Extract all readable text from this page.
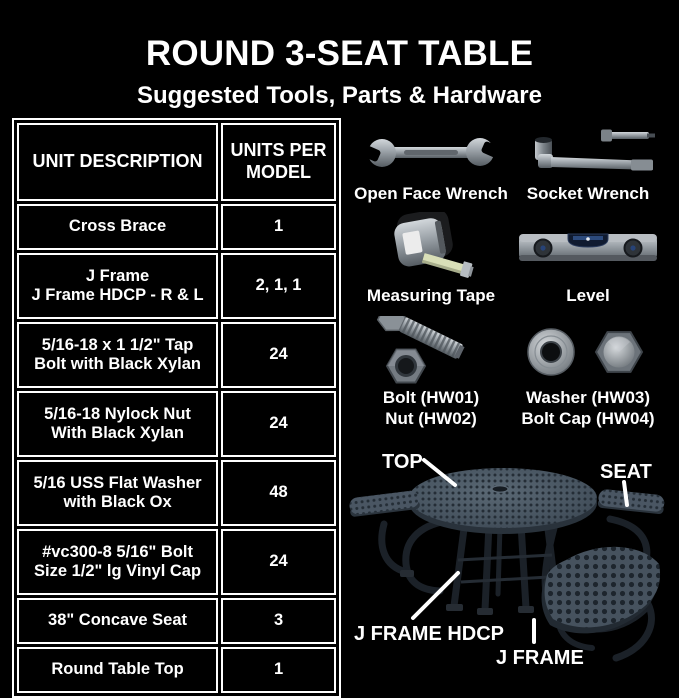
ROUND 3-SEAT TABLE
Suggested Tools, Parts & Hardware
UNIT DESCRIPTION	UNITS PER MODEL

Cross Brace	1

J Frame
J Frame HDCP - R & L	2, 1, 1

5/16-18 x 1 1/2" Tap
Bolt with Black Xylan	24

5/16-18 Nylock Nut
With Black Xylan	24

5/16 USS Flat Washer
with Black Ox	48

#vc300-8 5/16" Bolt
Size 1/2" lg Vinyl Cap	24

38" Concave Seat	3

Round Table Top	1
Open Face Wrench Socket Wrench
Measuring Tape	Level
Bolt (HW01)
Nut (HW02)
Washer (HW03)
Bolt Cap (HW04)
TOP	SEAT
J FRAME HDCP
J FRAME
